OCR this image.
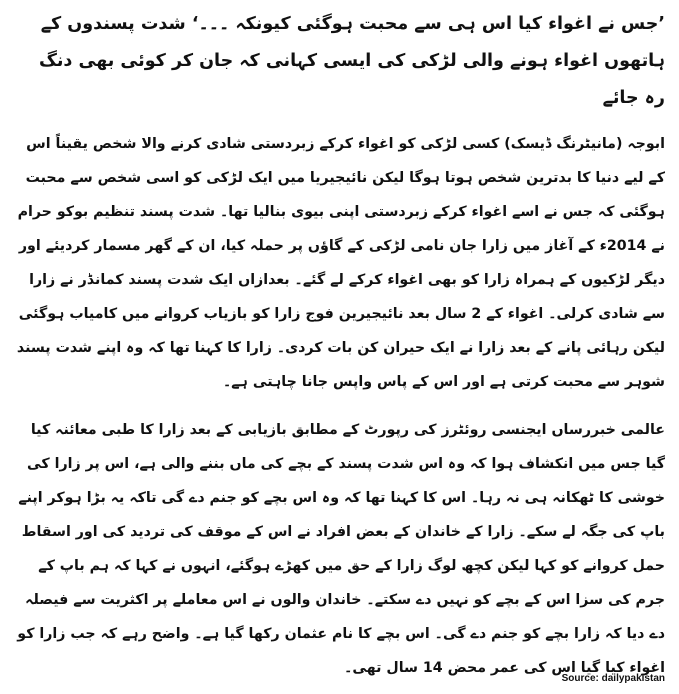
’جس نے اغواء کیا اس ہی سے محبت ہوگئی کیونکہ ۔۔۔‘ شدت پسندوں کے ہاتھوں اغواء ہونے والی لڑکی کی ایسی کہانی کہ جان کر کوئی بھی دنگ رہ جائے

ابوجہ (مانیٹرنگ ڈیسک) کسی لڑکی کو اغواء کرکے زبردستی شادی کرنے والا شخص یقیناً اس کے لیے دنیا کا بدترین شخص ہوتا ہوگا لیکن نائیجیریا میں ایک لڑکی کو اسی شخص سے محبت ہوگئی کہ جس نے اسے اغواء کرکے زبردستی اپنی بیوی بنالیا تھا۔ شدت پسند تنظیم بوکو حرام نے 2014ء کے آغاز میں زارا جان نامی لڑکی کے گاؤں پر حملہ کیا، ان کے گھر مسمار کردیئے اور دیگر لڑکیوں کے ہمراہ زارا کو بھی اغواء کرکے لے گئے۔ بعدازاں ایک شدت پسند کمانڈر نے زارا سے شادی کرلی۔ اغواء کے 2 سال بعد نائیجیرین فوج زارا کو بازیاب کروانے میں کامیاب ہوگئی لیکن رہائی پانے کے بعد زارا نے ایک حیران کن بات کردی۔ زارا کا کہنا تھا کہ وہ اپنے شدت پسند شوہر سے محبت کرتی ہے اور اس کے پاس واپس جانا چاہتی ہے۔

عالمی خبررساں ایجنسی روئٹرز کی رپورٹ کے مطابق بازیابی کے بعد زارا کا طبی معائنہ کیا گیا جس میں انکشاف ہوا کہ وہ اس شدت پسند کے بچے کی ماں بننے والی ہے، اس پر زارا کی خوشی کا ٹھکانہ ہی نہ رہا۔ اس کا کہنا تھا کہ وہ اس بچے کو جنم دے گی تاکہ یہ بڑا ہوکر اپنے باپ کی جگہ لے سکے۔ زارا کے خاندان کے بعض افراد نے اس کے موقف کی تردید کی اور اسقاط حمل کروانے کو کہا لیکن کچھ لوگ زارا کے حق میں کھڑے ہوگئے، انہوں نے کہا کہ ہم باپ کے جرم کی سزا اس کے بچے کو نہیں دے سکتے۔ خاندان والوں نے اس معاملے پر اکثریت سے فیصلہ دے دیا کہ زارا بچے کو جنم دے گی۔ اس بچے کا نام عثمان رکھا گیا ہے۔ واضح رہے کہ جب زارا کو اغواء کیا گیا اس کی عمر محض 14 سال تھی۔

Source: dailypakistan
